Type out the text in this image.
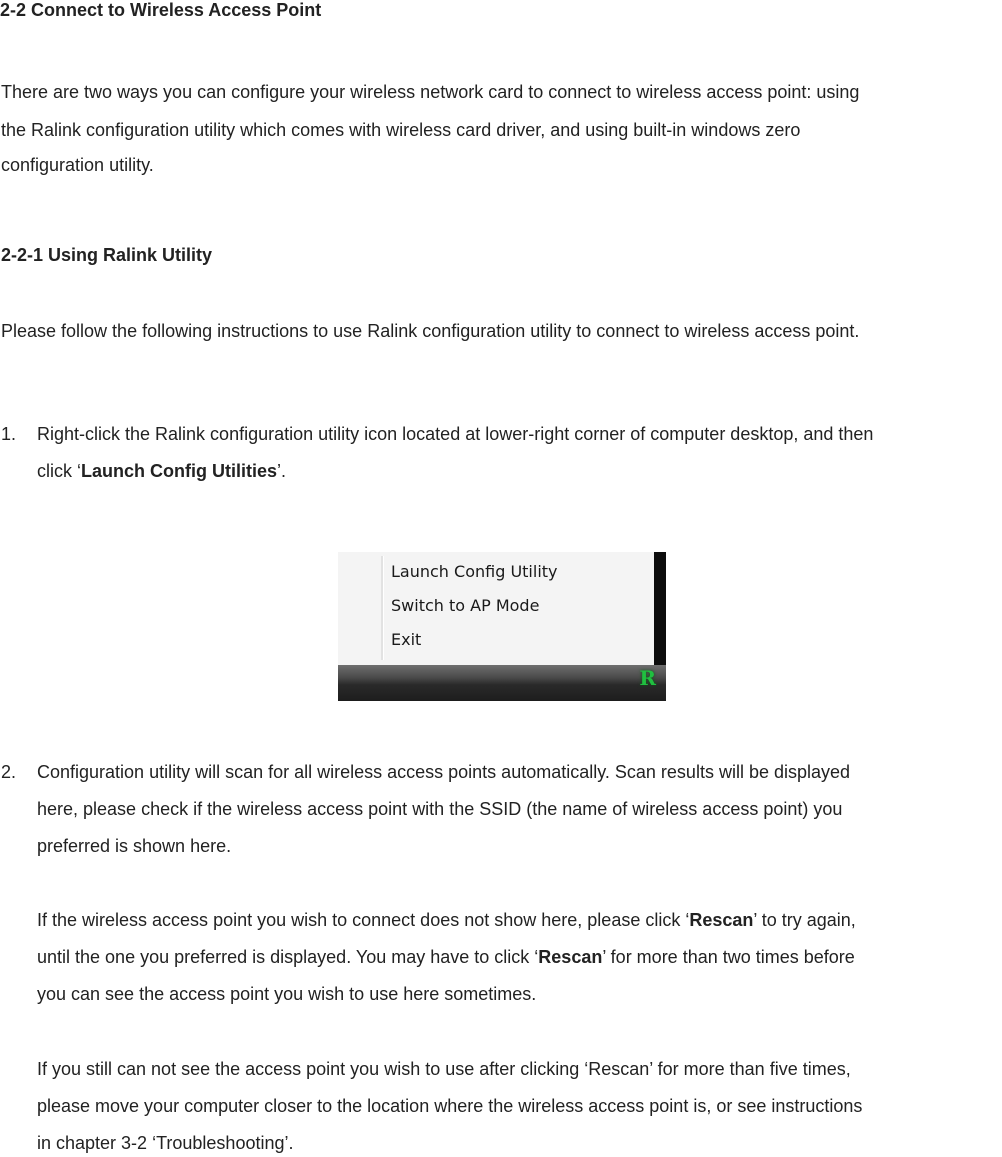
2-2 Connect to Wireless Access Point
There are two ways you can configure your wireless network card to connect to wireless access point: using
the Ralink configuration utility which comes with wireless card driver, and using built-in windows zero
configuration utility.
2-2-1 Using Ralink Utility
Please follow the following instructions to use Ralink configuration utility to connect to wireless access point.
1. Right-click the Ralink configuration utility icon located at lower-right corner of computer desktop, and then
click ‘Launch Config Utilities’.
Launch Config Utility
Switch to AP Mode
Exit
R
2. Configuration utility will scan for all wireless access points automatically. Scan results will be displayed
here, please check if the wireless access point with the SSID (the name of wireless access point) you
preferred is shown here.
If the wireless access point you wish to connect does not show here, please click ‘Rescan’ to try again,
until the one you preferred is displayed. You may have to click ‘Rescan’ for more than two times before
you can see the access point you wish to use here sometimes.
If you still can not see the access point you wish to use after clicking ‘Rescan’ for more than five times,
please move your computer closer to the location where the wireless access point is, or see instructions
in chapter 3-2 ‘Troubleshooting’.
